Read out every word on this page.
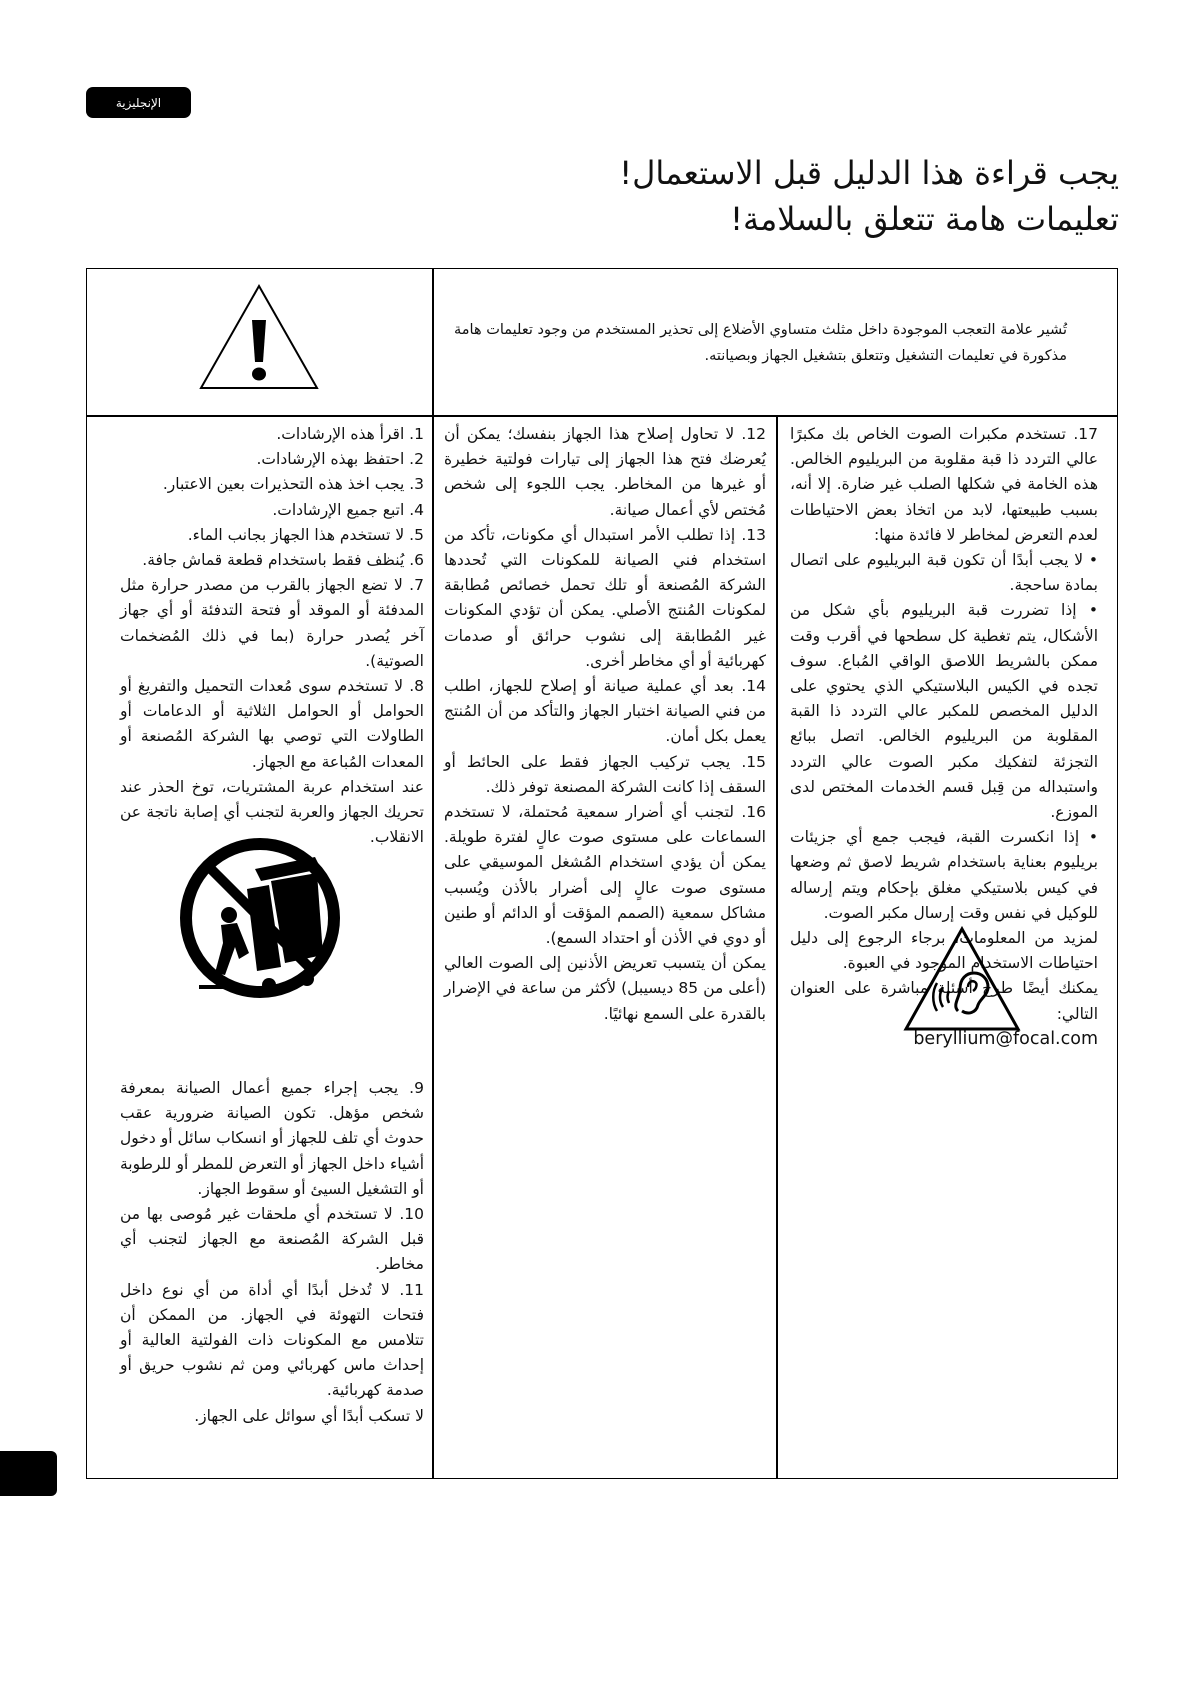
الإنجليزية
يجب قراءة هذا الدليل قبل الاستعمال!
تعليمات هامة تتعلق بالسلامة!
تُشير علامة التعجب الموجودة داخل مثلث متساوي الأضلاع إلى تحذير المستخدم من وجود تعليمات هامة مذكورة في تعليمات التشغيل وتتعلق بتشغيل الجهاز وبصيانته.

1. اقرأ هذه الإرشادات.

2. احتفظ بهذه الإرشادات.

3. يجب اخذ هذه التحذيرات بعين الاعتبار.

4. اتبع جميع الإرشادات.

5. لا تستخدم هذا الجهاز بجانب الماء.

6. يُنظف فقط باستخدام قطعة قماش جافة.

7. لا تضع الجهاز بالقرب من مصدر حرارة مثل المدفئة أو الموقد أو فتحة التدفئة أو أي جهاز آخر يُصدر حرارة (بما في ذلك المُضخمات الصوتية).

8. لا تستخدم سوى مُعدات التحميل والتفريغ أو الحوامل أو الحوامل الثلاثية أو الدعامات أو الطاولات التي توصي بها الشركة المُصنعة أو المعدات المُباعة مع الجهاز.

عند استخدام عربة المشتريات، توخ الحذر عند تحريك الجهاز والعربة لتجنب أي إصابة ناتجة عن الانقلاب.

9. يجب إجراء جميع أعمال الصيانة بمعرفة شخص مؤهل. تكون الصيانة ضرورية عقب حدوث أي تلف للجهاز أو انسكاب سائل أو دخول أشياء داخل الجهاز أو التعرض للمطر أو للرطوبة أو التشغيل السيئ أو سقوط الجهاز.

10. لا تستخدم أي ملحقات غير مُوصى بها من قبل الشركة المُصنعة مع الجهاز لتجنب أي مخاطر.

11. لا تُدخل أبدًا أي أداة من أي نوع داخل فتحات التهوئة في الجهاز. من الممكن أن تتلامس مع المكونات ذات الفولتية العالية أو إحداث ماس كهربائي ومن ثم نشوب حريق أو صدمة كهربائية.

لا تسكب أبدًا أي سوائل على الجهاز.

12. لا تحاول إصلاح هذا الجهاز بنفسك؛ يمكن أن يُعرضك فتح هذا الجهاز إلى تيارات فولتية خطيرة أو غيرها من المخاطر. يجب اللجوء إلى شخص مُختص لأي أعمال صيانة.

13. إذا تطلب الأمر استبدال أي مكونات، تأكد من استخدام فني الصيانة للمكونات التي تُحددها الشركة المُصنعة أو تلك تحمل خصائص مُطابقة لمكونات المُنتج الأصلي. يمكن أن تؤدي المكونات غير المُطابقة إلى نشوب حرائق أو صدمات كهربائية أو أي مخاطر أخرى.

14. بعد أي عملية صيانة أو إصلاح للجهاز، اطلب من فني الصيانة اختبار الجهاز والتأكد من أن المُنتج يعمل بكل أمان.

15. يجب تركيب الجهاز فقط على الحائط أو السقف إذا كانت الشركة المصنعة توفر ذلك.

16. لتجنب أي أضرار سمعية مُحتملة، لا تستخدم السماعات على مستوى صوت عالٍ لفترة طويلة. يمكن أن يؤدي استخدام المُشغل الموسيقي على مستوى صوت عالٍ إلى أضرار بالأذن ويُسبب مشاكل سمعية (الصمم المؤقت أو الدائم أو طنين أو دوي في الأذن أو احتداد السمع).

يمكن أن يتسبب تعريض الأذنين إلى الصوت العالي (أعلى من 85 ديسيبل) لأكثر من ساعة في الإضرار بالقدرة على السمع نهائيًا.

17. تستخدم مكبرات الصوت الخاص بك مكبرًا عالي التردد ذا قبة مقلوبة من البريليوم الخالص. هذه الخامة في شكلها الصلب غير ضارة. إلا أنه، بسبب طبيعتها، لابد من اتخاذ بعض الاحتياطات لعدم التعرض لمخاطر لا فائدة منها:

• لا يجب أبدًا أن تكون قبة البريليوم على اتصال بمادة ساحجة.

• إذا تضررت قبة البريليوم بأي شكل من الأشكال، يتم تغطية كل سطحها في أقرب وقت ممكن بالشريط اللاصق الواقي المُباع. سوف تجده في الكيس البلاستيكي الذي يحتوي على الدليل المخصص للمكبر عالي التردد ذا القبة المقلوبة من البريليوم الخالص. اتصل ببائع التجزئة لتفكيك مكبر الصوت عالي التردد واستبداله من قِبل قسم الخدمات المختص لدى الموزع.

• إذا انكسرت القبة، فيجب جمع أي جزيئات بريليوم بعناية باستخدام شريط لاصق ثم وضعها في كيس بلاستيكي مغلق بإحكام ويتم إرساله للوكيل في نفس وقت إرسال مكبر الصوت.

لمزيد من المعلومات، برجاء الرجوع إلى دليل احتياطات الاستخدام الموجود في العبوة.

يمكنك أيضًا طرح أسئلة مباشرة على العنوان التالي:

beryllium@focal.com
